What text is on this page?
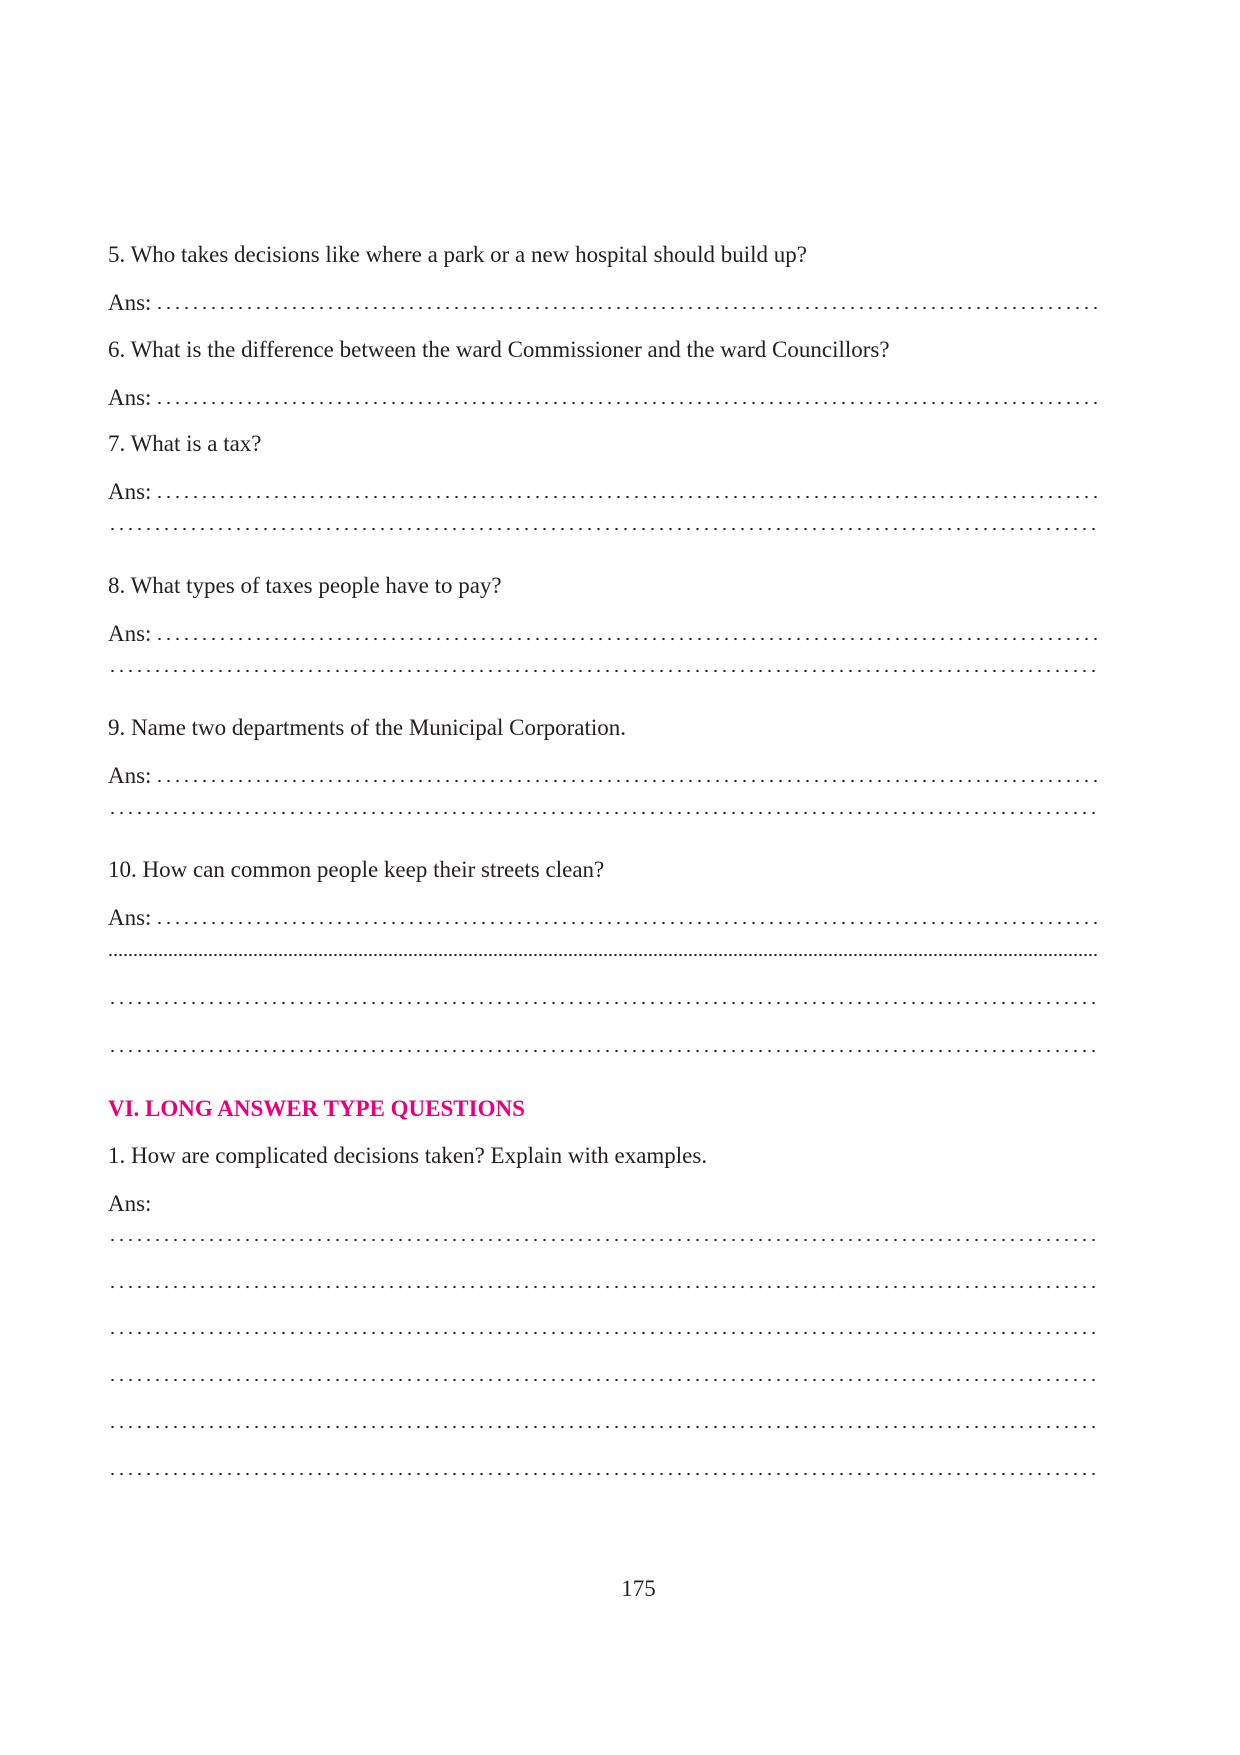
5. Who takes decisions like where a park or a new hospital should build up?
Ans:
6. What is the difference between the ward Commissioner and the ward Councillors?
Ans:
7. What is a tax?
Ans:
8. What types of taxes people have to pay?
Ans:
9. Name two departments of the Municipal Corporation.
Ans:
10. How can common people keep their streets clean?
Ans:
VI. LONG ANSWER TYPE QUESTIONS
1. How are complicated decisions taken? Explain with examples.
Ans:
175
